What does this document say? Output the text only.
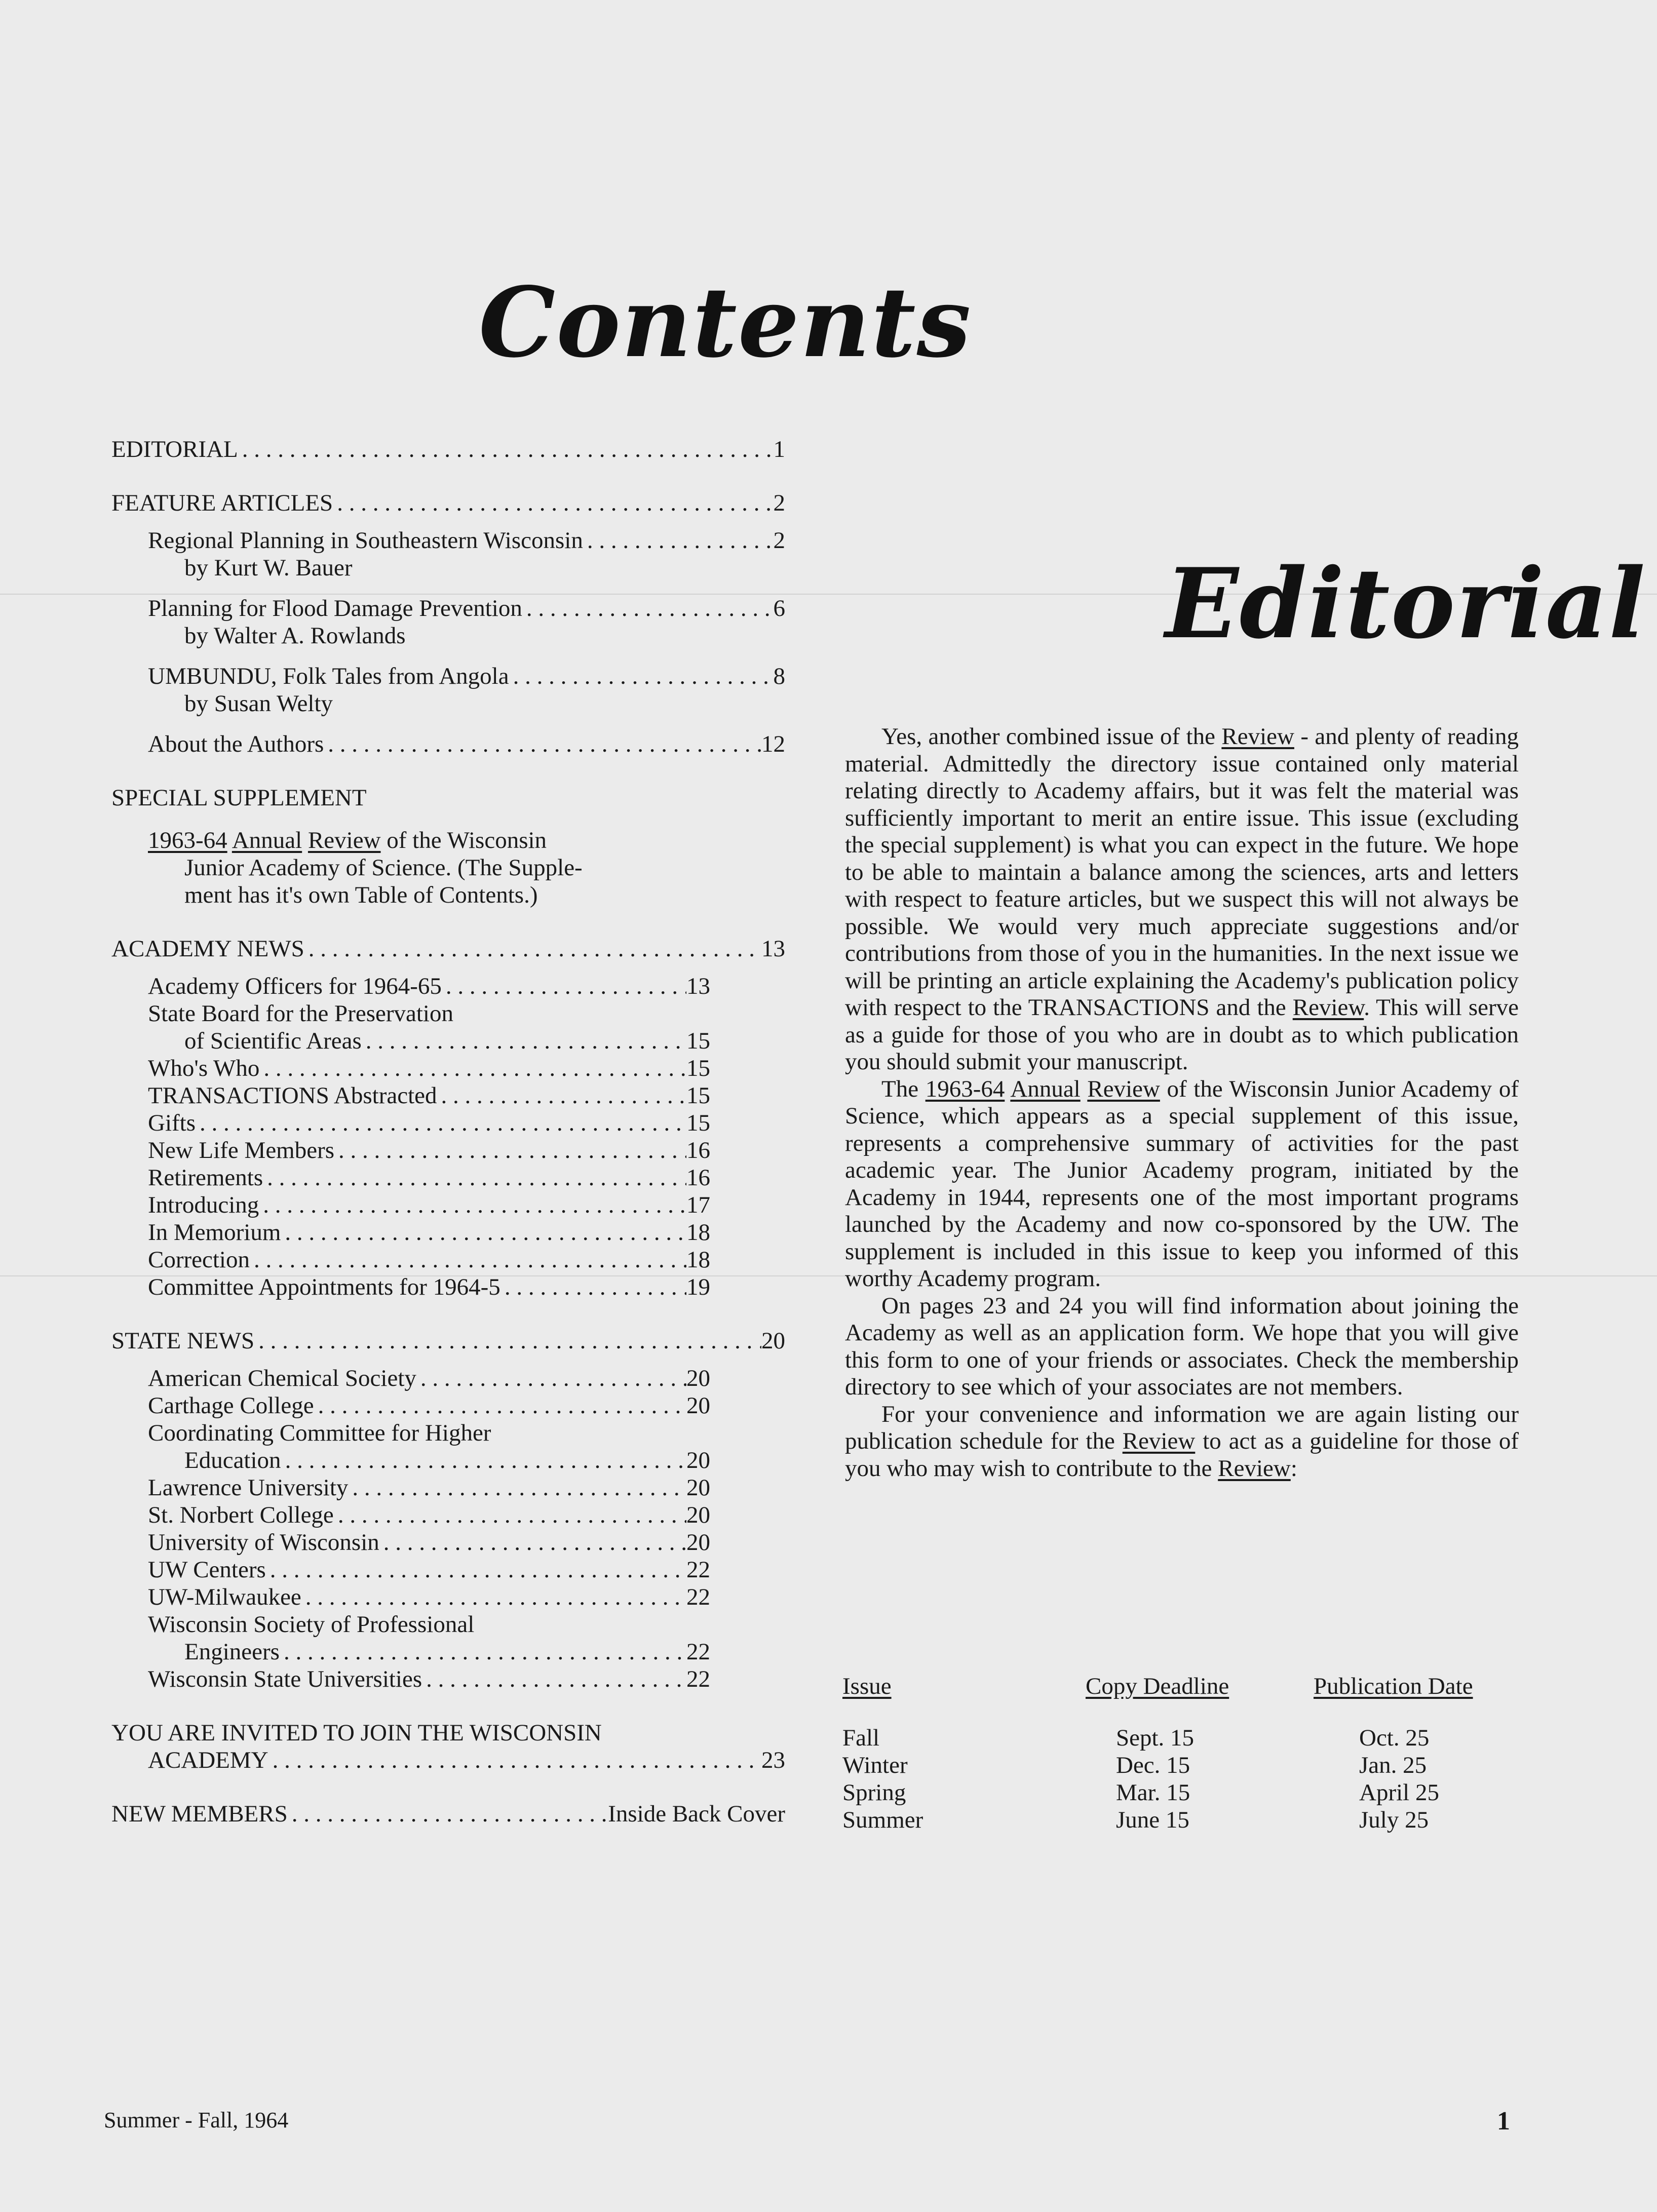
Contents
Editorial
EDITORIAL . . .	1
FEATURE ARTICLES . . .	2
Regional Planning in Southeastern Wisconsin . . .	2
by Kurt W. Bauer
Planning for Flood Damage Prevention . . .	6
by Walter A. Rowlands
UMBUNDU, Folk Tales from Angola . . .	8
by Susan Welty
About the Authors . . .	12
SPECIAL SUPPLEMENT
1963-64 Annual Review of the Wisconsin
Junior Academy of Science. (The Supple-
ment has it's own Table of Contents.)
ACADEMY NEWS . . .	13
Academy Officers for 1964-65 . . .	13
State Board for the Preservation
of Scientific Areas . . .	15
Who's Who . . .	15
TRANSACTIONS Abstracted . . .	15
Gifts . . .	15
New Life Members . . .	16
Retirements . . .	16
Introducing . . .	17
In Memorium . . .	18
Correction . . .	18
Committee Appointments for 1964-5 . . .	19
STATE NEWS . . .	20
American Chemical Society . . .	20
Carthage College . . .	20
Coordinating Committee for Higher
Education . . .	20
Lawrence University . . .	20
St. Norbert College . . .	20
University of Wisconsin . . .	20
UW Centers . . .	22
UW-Milwaukee . . .	22
Wisconsin Society of Professional
Engineers . . .	22
Wisconsin State Universities . . .	22
YOU ARE INVITED TO JOIN THE WISCONSIN
ACADEMY . . .	23
NEW MEMBERS . . .	Inside Back Cover

Yes, another combined issue of the Review - and plenty of reading material. Admittedly the directory issue contained only material relating directly to Academy affairs, but it was felt the material was sufficiently important to merit an entire issue. This issue (excluding the special supplement) is what you can expect in the future. We hope to be able to maintain a balance among the sciences, arts and letters with respect to feature articles, but we suspect this will not always be possible. We would very much appreciate suggestions and/or contributions from those of you in the humanities. In the next issue we will be printing an article explaining the Academy's publication policy with respect to the TRANSACTIONS and the Review. This will serve as a guide for those of you who are in doubt as to which publication you should submit your manuscript.

The 1963-64 Annual Review of the Wisconsin Junior Academy of Science, which appears as a special supplement of this issue, represents a comprehensive summary of activities for the past academic year. The Junior Academy program, initiated by the Academy in 1944, represents one of the most important programs launched by the Academy and now co-sponsored by the UW. The supplement is included in this issue to keep you informed of this worthy Academy program.

On pages 23 and 24 you will find information about joining the Academy as well as an application form. We hope that you will give this form to one of your friends or associates. Check the membership directory to see which of your associates are not members.

For your convenience and information we are again listing our publication schedule for the Review to act as a guideline for those of you who may wish to contribute to the Review:

Issue	Copy Deadline	Publication Date
Fall	Sept. 15	Oct. 25
Winter	Dec. 15	Jan. 25
Spring	Mar. 15	April 25
Summer	June 15	July 25
Summer - Fall, 1964	1
